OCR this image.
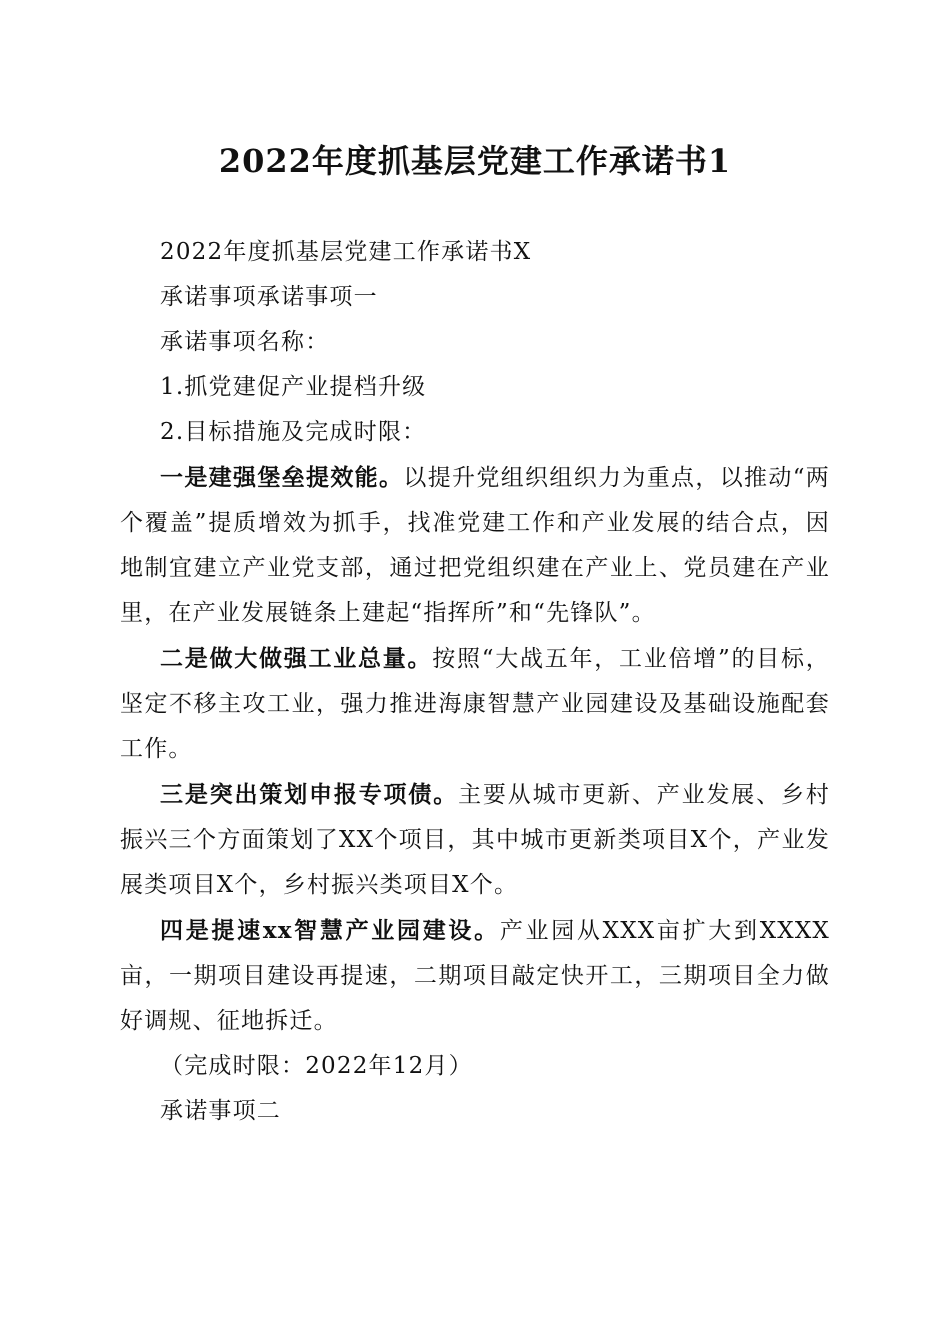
2022年度抓基层党建工作承诺书1

2022年度抓基层党建工作承诺书X

承诺事项承诺事项一

承诺事项名称：

1.抓党建促产业提档升级

2.目标措施及完成时限：

一是建强堡垒提效能。以提升党组织组织力为重点，以推动“两个覆盖”提质增效为抓手，找准党建工作和产业发展的结合点，因地制宜建立产业党支部，通过把党组织建在产业上、党员建在产业里，在产业发展链条上建起“指挥所”和“先锋队”。

二是做大做强工业总量。按照“大战五年，工业倍增”的目标，坚定不移主攻工业，强力推进海康智慧产业园建设及基础设施配套工作。

三是突出策划申报专项债。主要从城市更新、产业发展、乡村振兴三个方面策划了XX个项目，其中城市更新类项目X个，产业发展类项目X个，乡村振兴类项目X个。

四是提速xx智慧产业园建设。产业园从XXX亩扩大到XXXX亩，一期项目建设再提速，二期项目敲定快开工，三期项目全力做好调规、征地拆迁。

（完成时限：2022年12月）

承诺事项二
